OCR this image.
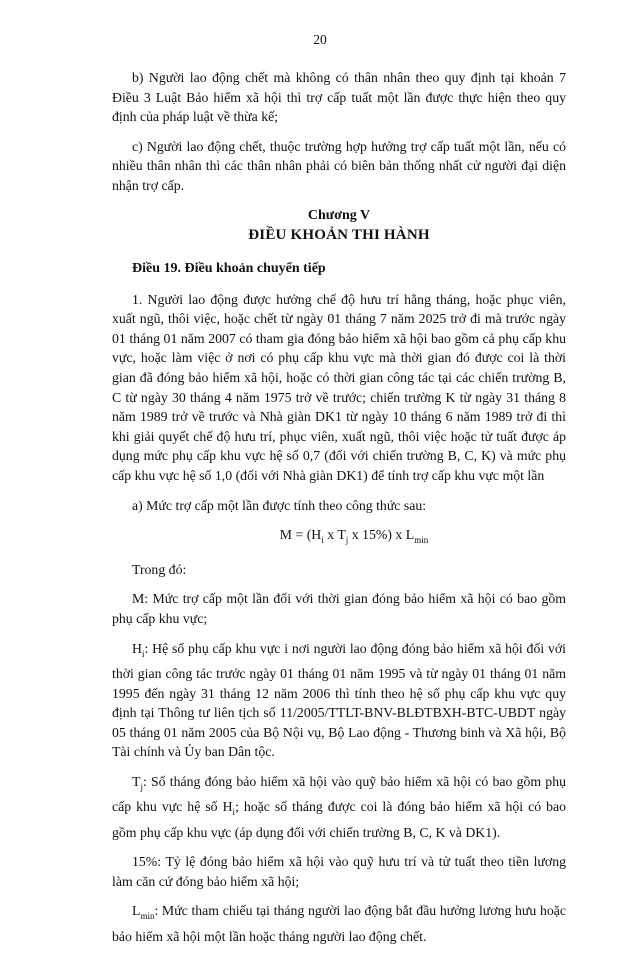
20

b) Người lao động chết mà không có thân nhân theo quy định tại khoản 7 Điều 3 Luật Bảo hiểm xã hội thì trợ cấp tuất một lần được thực hiện theo quy định của pháp luật về thừa kế;

c) Người lao động chết, thuộc trường hợp hưởng trợ cấp tuất một lần, nếu có nhiều thân nhân thì các thân nhân phải có biên bản thống nhất cử người đại diện nhận trợ cấp.

Chương V
ĐIỀU KHOẢN THI HÀNH
Điều 19. Điều khoản chuyển tiếp

1. Người lao động được hưởng chế độ hưu trí hằng tháng, hoặc phục viên, xuất ngũ, thôi việc, hoặc chết từ ngày 01 tháng 7 năm 2025 trở đi mà trước ngày 01 tháng 01 năm 2007 có tham gia đóng bảo hiểm xã hội bao gồm cả phụ cấp khu vực, hoặc làm việc ở nơi có phụ cấp khu vực mà thời gian đó được coi là thời gian đã đóng bảo hiểm xã hội, hoặc có thời gian công tác tại các chiến trường B, C từ ngày 30 tháng 4 năm 1975 trở về trước; chiến trường K từ ngày 31 tháng 8 năm 1989 trở về trước và Nhà giàn DK1 từ ngày 10 tháng 6 năm 1989 trở đi thì khi giải quyết chế độ hưu trí, phục viên, xuất ngũ, thôi việc hoặc tử tuất được áp dụng mức phụ cấp khu vực hệ số 0,7 (đối với chiến trường B, C, K) và mức phụ cấp khu vực hệ số 1,0 (đối với Nhà giàn DK1) để tính trợ cấp khu vực một lần

a) Mức trợ cấp một lần được tính theo công thức sau:

$M = (H_i$ x $T_j$ x 15%) x $L_{min}$

Trong đó:

M: Mức trợ cấp một lần đối với thời gian đóng bảo hiểm xã hội có bao gồm phụ cấp khu vực;

$H_i$: Hệ số phụ cấp khu vực i nơi người lao động đóng bảo hiểm xã hội đối với thời gian công tác trước ngày 01 tháng 01 năm 1995 và từ ngày 01 tháng 01 năm 1995 đến ngày 31 tháng 12 năm 2006 thì tính theo hệ số phụ cấp khu vực quy định tại Thông tư liên tịch số 11/2005/TTLT-BNV-BLĐTBXH-BTC-UBDT ngày 05 tháng 01 năm 2005 của Bộ Nội vụ, Bộ Lao động - Thương binh và Xã hội, Bộ Tài chính và Ủy ban Dân tộc.

$T_j$: Số tháng đóng bảo hiểm xã hội vào quỹ bảo hiểm xã hội có bao gồm phụ cấp khu vực hệ số $H_i$; hoặc số tháng được coi là đóng bảo hiểm xã hội có bao gồm phụ cấp khu vực (áp dụng đối với chiến trường B, C, K và DK1).

15%: Tỷ lệ đóng bảo hiểm xã hội vào quỹ hưu trí và tử tuất theo tiền lương làm căn cứ đóng bảo hiểm xã hội;

$L_{min}$: Mức tham chiếu tại tháng người lao động bắt đầu hưởng lương hưu hoặc bảo hiểm xã hội một lần hoặc tháng người lao động chết.
